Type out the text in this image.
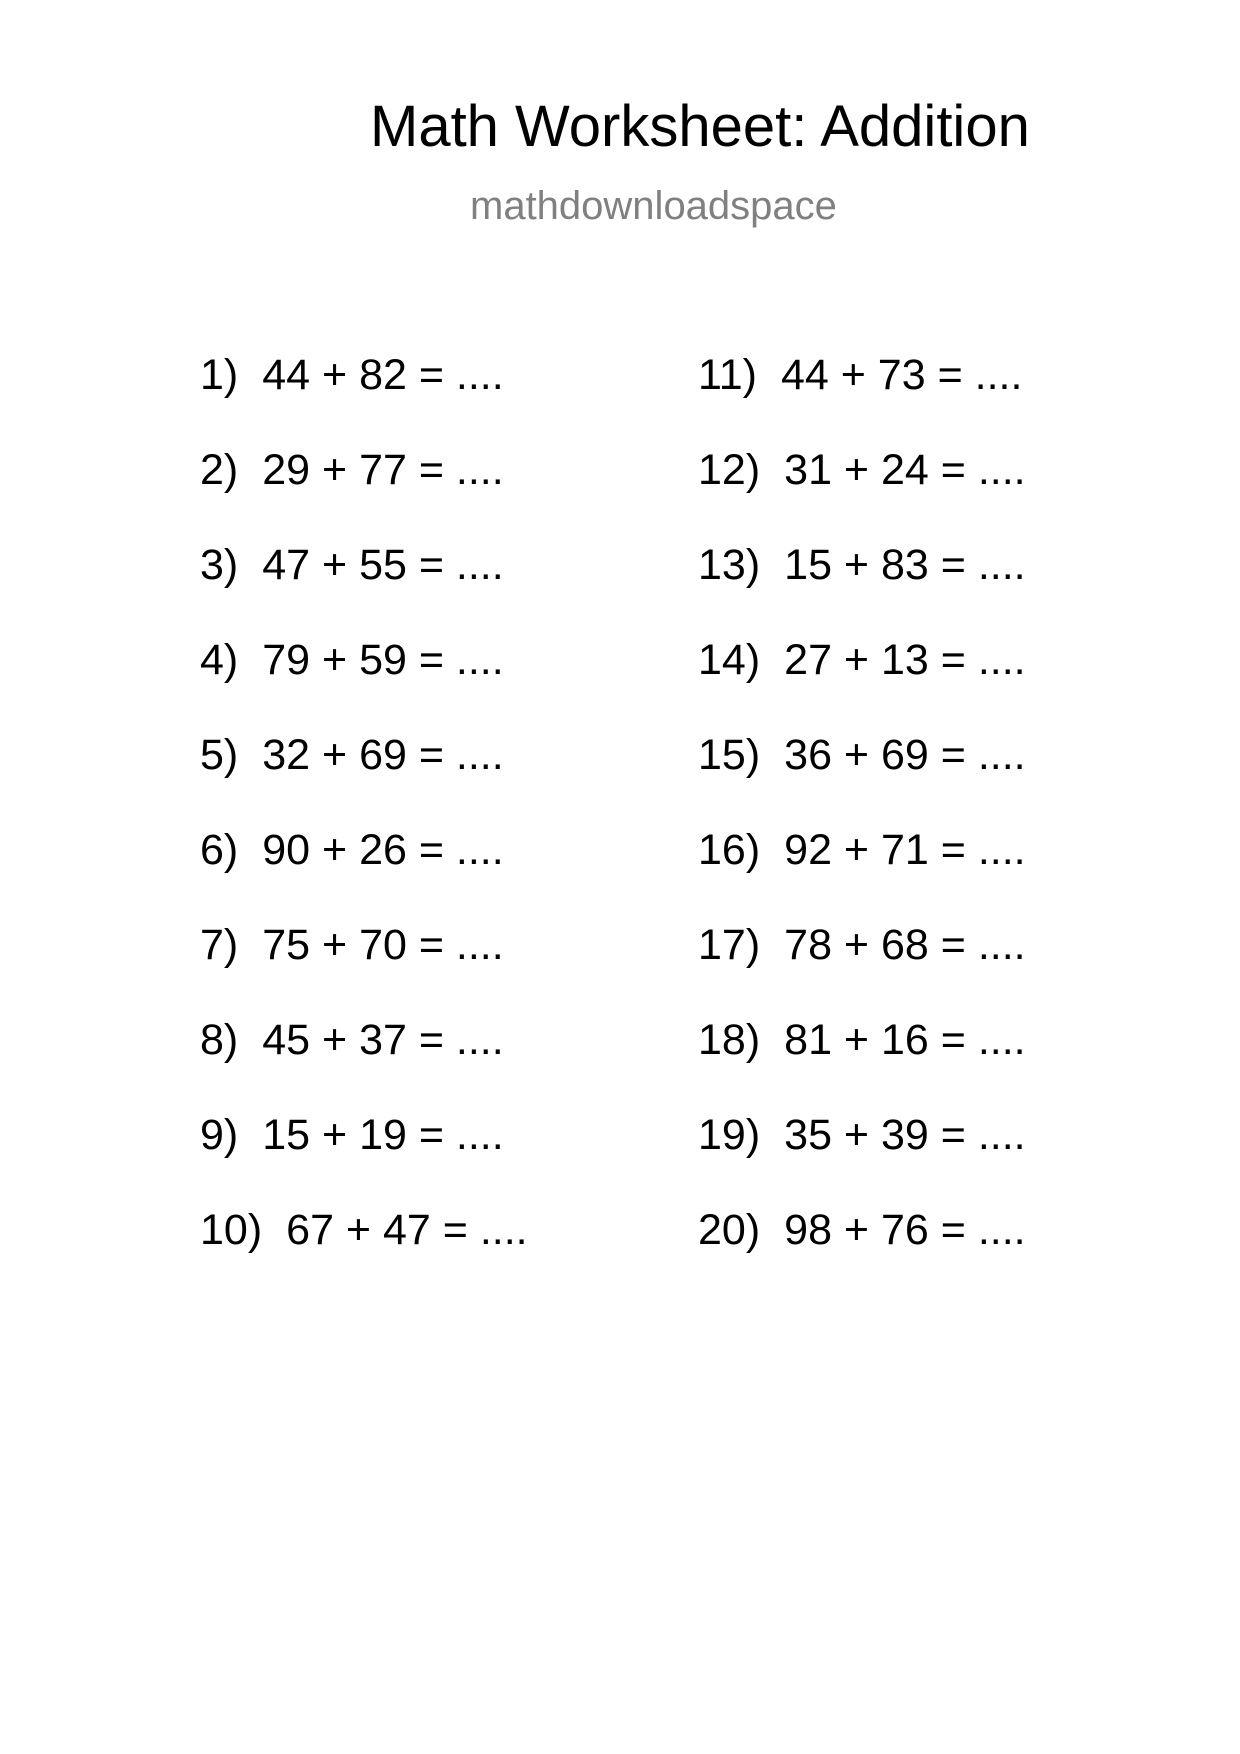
Math Worksheet: Addition
mathdownloadspace
1) 44 + 82 = ....
2) 29 + 77 = ....
3) 47 + 55 = ....
4) 79 + 59 = ....
5) 32 + 69 = ....
6) 90 + 26 = ....
7) 75 + 70 = ....
8) 45 + 37 = ....
9) 15 + 19 = ....
10) 67 + 47 = ....
11) 44 + 73 = ....
12) 31 + 24 = ....
13) 15 + 83 = ....
14) 27 + 13 = ....
15) 36 + 69 = ....
16) 92 + 71 = ....
17) 78 + 68 = ....
18) 81 + 16 = ....
19) 35 + 39 = ....
20) 98 + 76 = ....
